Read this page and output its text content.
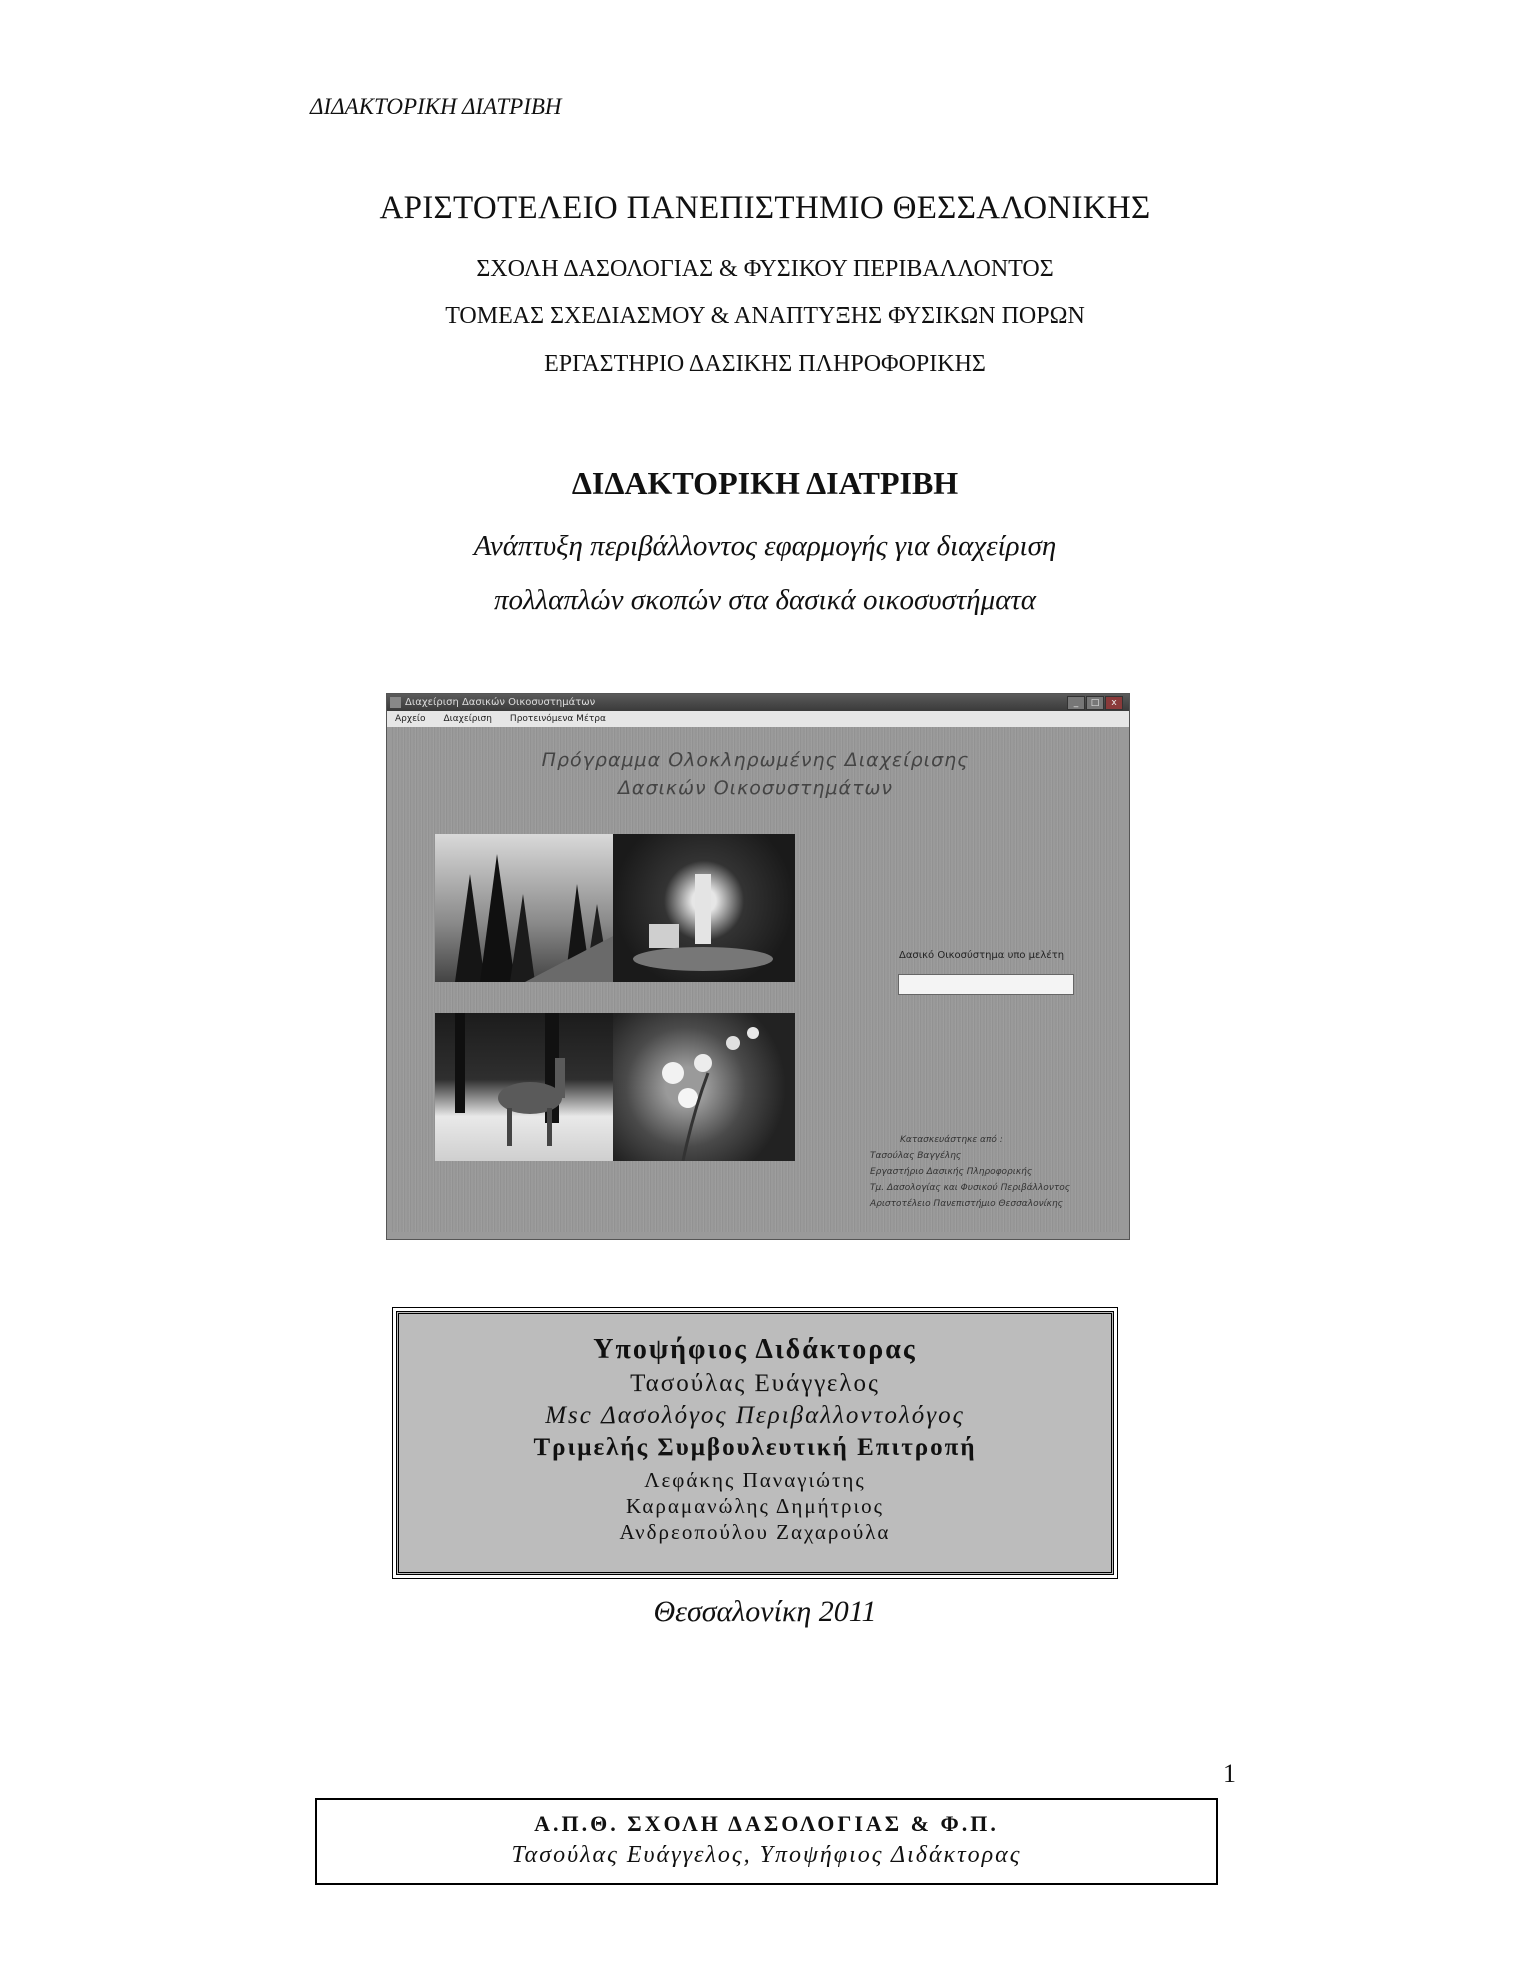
ΔΙΔΑΚΤΟΡΙΚΗ ΔΙΑΤΡΙΒΗ
ΑΡΙΣΤΟΤΕΛΕΙΟ ΠΑΝΕΠΙΣΤΗΜΙΟ ΘΕΣΣΑΛΟΝΙΚΗΣ
ΣΧΟΛΗ ΔΑΣΟΛΟΓΙΑΣ & ΦΥΣΙΚΟΥ ΠΕΡΙΒΑΛΛΟΝΤΟΣ
ΤΟΜΕΑΣ ΣΧΕΔΙΑΣΜΟΥ & ΑΝΑΠΤΥΞΗΣ ΦΥΣΙΚΩΝ ΠΟΡΩΝ
ΕΡΓΑΣΤΗΡΙΟ ΔΑΣΙΚΗΣ ΠΛΗΡΟΦΟΡΙΚΗΣ
ΔΙΔΑΚΤΟΡΙΚΗ ΔΙΑΤΡΙΒΗ
Ανάπτυξη περιβάλλοντος εφαρμογής για διαχείριση
πολλαπλών σκοπών στα δασικά οικοσυστήματα
Διαχείριση Δασικών Οικοσυστημάτων	_	□	x
Αρχείο Διαχείριση Προτεινόμενα Μέτρα
Πρόγραμμα Ολοκληρωμένης Διαχείρισης
Δασικών Οικοσυστημάτων
Δασικό Οικοσύστημα υπο μελέτη
Κατασκευάστηκε από :
Τασούλας Βαγγέλης
Εργαστήριο Δασικής Πληροφορικής
Τμ. Δασολογίας και Φυσικού Περιβάλλοντος
Αριστοτέλειο Πανεπιστήμιο Θεσσαλονίκης
Υποψήφιος Διδάκτορας
Τασούλας Ευάγγελος
Msc Δασολόγος Περιβαλλοντολόγος
Τριμελής Συμβουλευτική Επιτροπή
Λεφάκης Παναγιώτης
Καραμανώλης Δημήτριος
Ανδρεοπούλου Ζαχαρούλα
Θεσσαλονίκη 2011
1
Α.Π.Θ. ΣΧΟΛΗ ΔΑΣΟΛΟΓΙΑΣ & Φ.Π.
Τασούλας Ευάγγελος, Υποψήφιος Διδάκτορας
